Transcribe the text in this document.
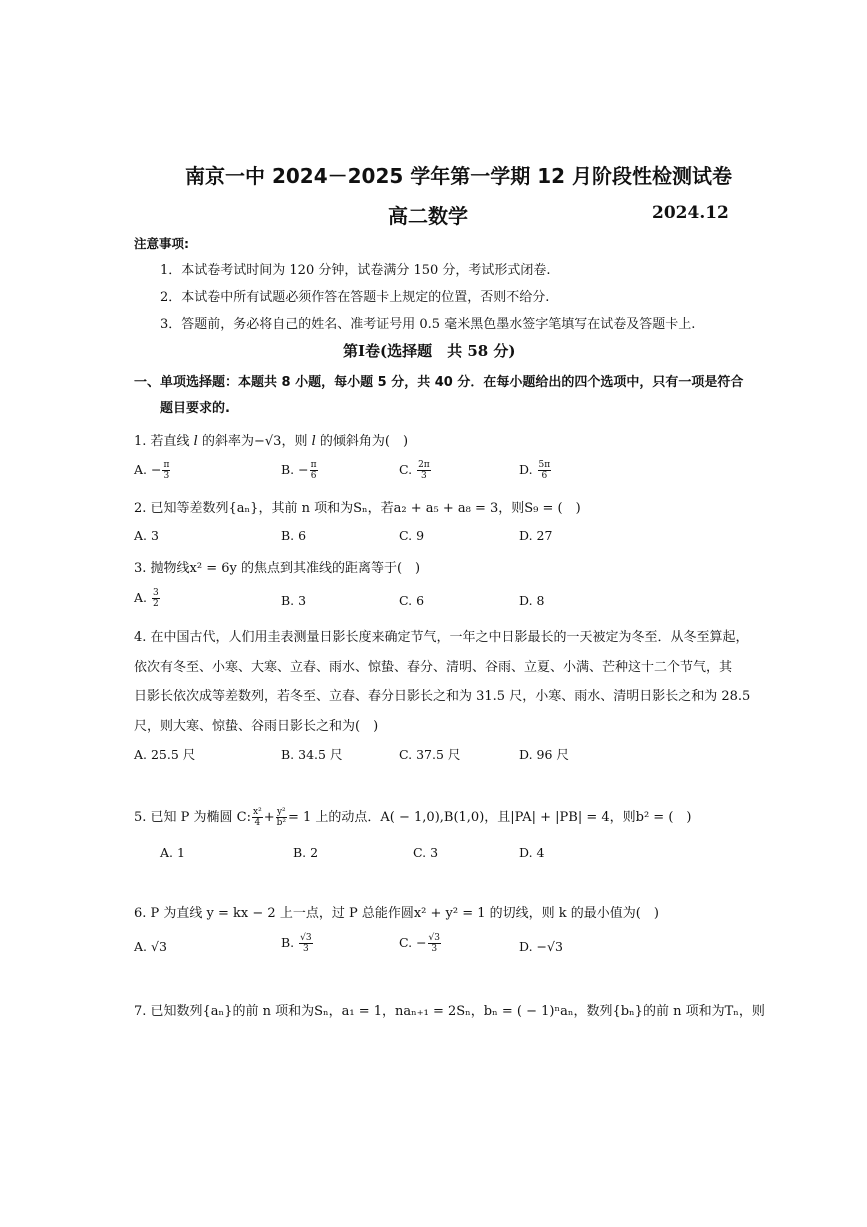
南京一中 2024－2025 学年第一学期 12 月阶段性检测试卷
高二数学	2024.12
注意事项:
1．本试卷考试时间为 120 分钟，试卷满分 150 分，考试形式闭卷.
2．本试卷中所有试题必须作答在答题卡上规定的位置，否则不给分.
3．答题前，务必将自己的姓名、准考证号用 0.5 毫米黑色墨水签字笔填写在试卷及答题卡上.
第Ⅰ卷(选择题　共 58 分)
一、单项选择题：本题共 8 小题，每小题 5 分，共 40 分．在每小题给出的四个选项中，只有一项是符合
题目要求的.
1. 若直线 l 的斜率为−√3，则 l 的倾斜角为(　)
A. − $\frac{\pi}{3}$	B. − $\frac{\pi}{6}$	C. $\frac{2\pi}{3}$	D. $\frac{5\pi}{6}$
2. 已知等差数列{aₙ}，其前 n 项和为Sₙ，若a₂ + a₅ + a₈ = 3，则S₉ = (　)
A. 3	B. 6	C. 9	D. 27
3. 抛物线x² = 6y 的焦点到其准线的距离等于(　)
A. $\frac{3}{2}$	B. 3	C. 6	D. 8
4. 在中国古代，人们用圭表测量日影长度来确定节气，一年之中日影最长的一天被定为冬至．从冬至算起，
依次有冬至、小寒、大寒、立春、雨水、惊蛰、春分、清明、谷雨、立夏、小满、芒种这十二个节气，其
日影长依次成等差数列，若冬至、立春、春分日影长之和为 31.5 尺，小寒、雨水、清明日影长之和为 28.5
尺，则大寒、惊蛰、谷雨日影长之和为(　)
A. 25.5 尺	B. 34.5 尺	C. 37.5 尺	D. 96 尺
5. 已知 P 为椭圆 C: $\frac{\text{x²}}{4} + \frac{\text{y²}}{\text{b²}} = 1$ 上的动点．A( − 1,0),B(1,0)，且|PA| + |PB| = 4，则b² = (　)
A. 1	B. 2	C. 3	D. 4
6. P 为直线 y = kx − 2 上一点，过 P 总能作圆x² + y² = 1 的切线，则 k 的最小值为(　)
A. √3	B. $\frac{√3}{3}$	C. − $\frac{√3}{3}$	D. −√3
7. 已知数列{aₙ}的前 n 项和为Sₙ，a₁ = 1，naₙ₊₁ = 2Sₙ，bₙ = ( − 1)ⁿaₙ，数列{bₙ}的前 n 项和为Tₙ，则
